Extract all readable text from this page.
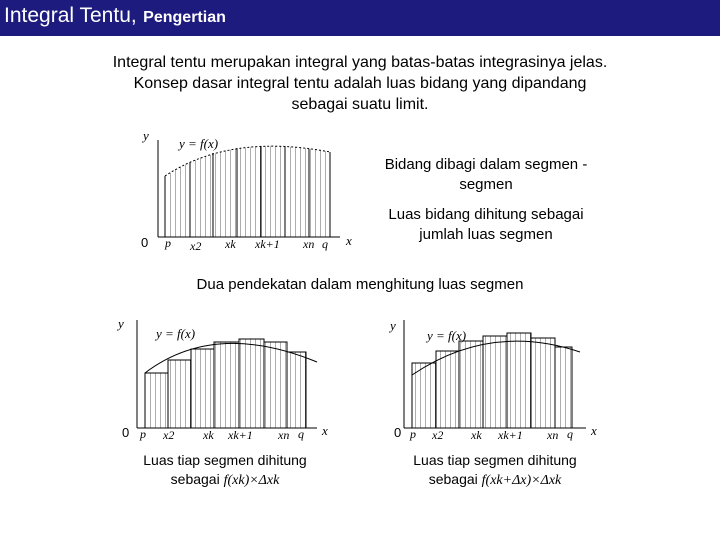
Integral Tentu, Pengertian
Integral tentu merupakan integral yang batas-batas integrasinya jelas.
Konsep dasar integral tentu adalah luas bidang yang dipandang
sebagai suatu limit.
y
y = f(x)
0	x
p x2 xk xk+1 xn q
y
y = f(x)
0	x
p x2 xk xk+1 xn q
y
y = f(x)
0	x
p x2 xk xk+1 xn q
Bidang dibagi dalam segmen -segmen
Luas bidang dihitung sebagai jumlah luas segmen
Dua pendekatan dalam menghitung luas segmen
Luas tiap segmen dihitung
sebagai f(xk)×Δxk
Luas tiap segmen dihitung
sebagai f(xk+Δx)×Δxk
